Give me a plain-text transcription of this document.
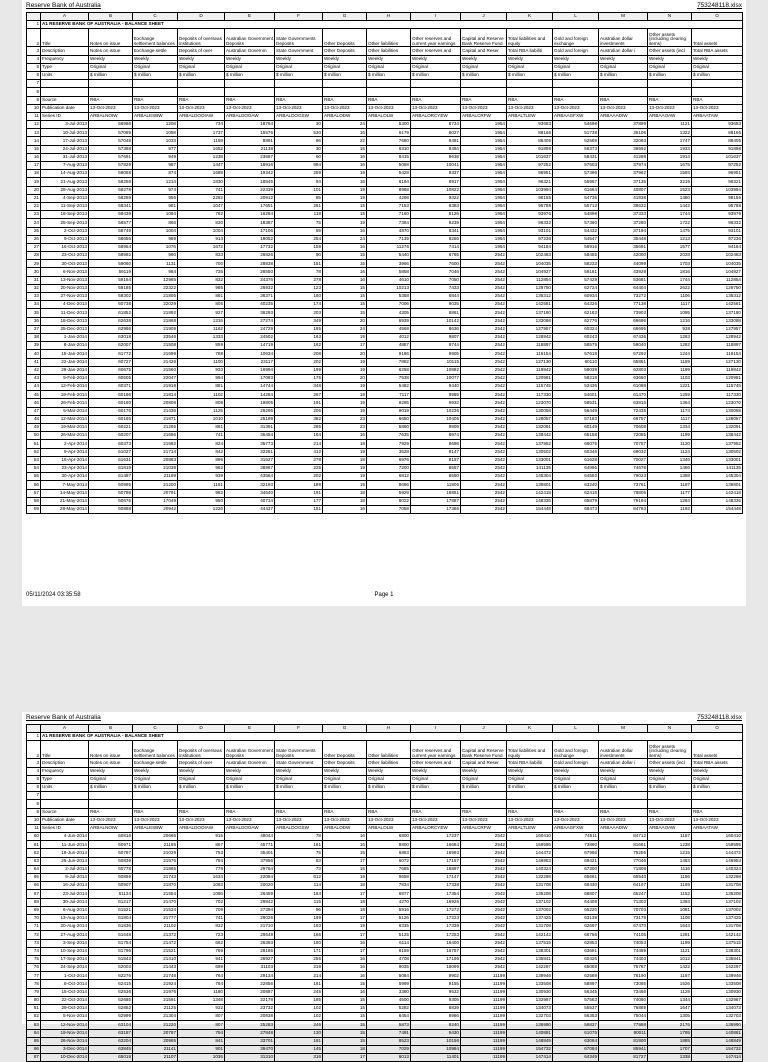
Reserve Bank of Australia	753248118.xlsx
	A	B	C	D	E	F	G	H	I	J	K	L	M	N	O
1	A1 RESERVE BANK OF AUSTRALIA - BALANCE SHEET														
2	Title	Notes on issue	Exchange settlement balances	Deposits of overseas institutions	Australian Government Deposits	State Governments Deposits	Other Deposits	Other liabilities	Other reserves and current year earnings	Capital and Reserve Bank Reserve Fund	Total liabilities and equity	Gold and foreign exchange	Australian dollar investments	Other assets (including clearing items)	Total assets
3	Description	Notes on issue	Exchange settle	Deposits of over	Australian Governm	State Government	Other Deposits	Other liabilities	Other reserves and	Capital and Reser	Total RBA liabiliti	Gold and foreign	Australian dollar i	Other assets (incl	Total RBA assets
4	Frequency	Weekly	Weekly	Weekly	Weekly	Weekly	Weekly	Weekly	Weekly	Weekly	Weekly	Weekly	Weekly	Weekly	Weekly
5	Type	Original	Original	Original	Original	Original	Original	Original	Original	Original	Original	Original	Original	Original	Original
6	Units	$ million	$ million	$ million	$ million	$ million	$ million	$ million	$ million	$ million	$ million	$ million	$ million	$ million	$ million
7															
8															
9	Source	RBA	RBA	RBA	RBA	RBA	RBA	RBA	RBA	RBA	RBA	RBA	RBA	RBA	RBA
10	Publication date	13-Oct-2023	13-Oct-2023	13-Oct-2023	13-Oct-2023	13-Oct-2023	13-Oct-2023	13-Oct-2023	13-Oct-2023	13-Oct-2023	13-Oct-2023	13-Oct-2023	13-Oct-2023	13-Oct-2023	13-Oct-2023
11	Series ID	ARBALNOIW	ARBALESBW	ARBALDOOIAW	ARBALDOGAW	ARBALDOGSW	ARBALODW	ARBALOLW	ARBALORCYEW	ARBALCRFW	ARBALTLEW	ARBAAGFXW	ARBAAADIW	ARBAAOAW	ARBAATAW
12	3-Jul-2013	56986	1208	734	18764	30	24	5300	8734	1954	93683	54698	37899	1121	93683
13	10-Jul-2013	57089	1058	1737	15576	530	16	6179	8027	1954	88166	51738	35106	1322	88166
14	17-Jul-2013	57048	1033	1159	8891	86	22	7680	8481	1954	86405	52569	32093	1747	86405
15	24-Jul-2013	57388	977	1652	21138	30	15	6310	8494	1954	91898	56373	39592	1933	91898
16	31-Jul-2013	57691	949	1238	23667	60	16	8415	9638	1954	101637	58431	41288	1914	101637
17	7-Aug-2013	57829	987	1447	18916	994	16	5068	10041	1954	97252	57603	37974	1675	97252
18	14-Aug-2013	58058	874	1689	19342	259	19	5428	9337	1954	96951	57396	37962	1593	96951
19	21-Aug-2013	58259	1214	1830	18845	94	16	6194	8917	1954	96321	55967	37135	3219	96321
20	28-Aug-2013	58278	974	741	22339	101	19	8968	10822	1954	103994	61664	40807	1523	103994
21	4-Sep-2013	58259	956	2282	20912	85	19	4298	9322	1954	98155	54736	41938	1480	98155
22	11-Sep-2013	58341	981	1047	17651	261	15	7153	8383	1954	95788	55712	38632	1442	95788
23	18-Sep-2013	58439	1084	782	16284	118	15	7160	8126	1954	93976	54898	37333	1744	93976
24	25-Sep-2013	58577	866	830	18387	75	19	7384	8239	1954	96332	57360	37280	1722	96332
25	2-Oct-2013	58749	1004	1004	17106	59	16	4870	8341	1954	93101	54432	37194	1475	93101
26	9-Oct-2013	58656	989	913	18052	254	24	7139	8256	1954	97236	54547	35448	1213	97236
27	16-Oct-2013	58954	1076	1672	17732	159	16	11276	7414	1954	94184	56916	35691	1577	94184
28	23-Oct-2013	58992	990	833	26826	90	15	5440	6765	2542	102483	58455	42000	2028	102483
29	30-Oct-2013	59060	1131	700	28838	151	15	3966	7600	2542	104035	58233	44099	1703	104035
30	6-Nov-2013	59119	984	735	28550	78	16	5858	7046	2542	104927	59181	43929	1816	104927
31	13-Nov-2013	59164	12985	832	24376	278	16	4610	7050	2542	112854	57429	53681	1744	112854
32	20-Nov-2013	59185	22322	985	26932	123	15	10213	7433	2542	129750	62724	64404	2622	129750
33	27-Nov-2013	59302	21805	881	36371	180	15	5358	6844	2542	135312	60934	73272	1106	135312
34	4-Dec-2013	60738	22029	805	40235	174	15	7006	9035	2542	142581	64326	77138	1117	142581
35	11-Dec-2013	61852	21892	927	36293	203	15	4305	8861	2542	137180	62183	73903	1095	137180
36	18-Dec-2013	62638	21868	1316	27274	349	20	6939	10142	2542	133088	62776	69696	1216	133088
37	25-Dec-2013	62986	21909	1162	24729	185	24	4568	8636	2542	127957	60324	66695	938	127957
38	1-Jan-2014	63018	23546	1333	24502	163	19	4012	9807	2542	128942	60243	67436	1263	128942
39	8-Jan-2014	62007	21508	859	14719	162	17	4887	9744	2542	118897	58575	59040	1282	118897
40	15-Jan-2014	61772	21699	788	10634	208	20	9186	9905	2542	116154	57618	57292	1244	116154
41	22-Jan-2014	60727	21426	1100	23117	202	19	7882	10115	2542	127130	60110	65861	1159	127130
42	29-Jan-2014	60675	21560	933	16994	199	19	6258	10882	2542	119842	58039	62803	1199	119842
43	5-Feb-2014	60505	22047	994	17083	175	20	7538	10077	2542	120981	58218	63660	1103	120981
44	12-Feb-2014	60371	21918	881	14744	348	19	5482	9440	2542	115745	53436	61088	1221	115745
45	19-Feb-2014	60196	21814	1102	14284	267	19	7117	9989	2542	117330	54601	61470	1259	117330
46	26-Feb-2014	60180	20808	808	19805	191	19	9295	9932	2542	123070	58531	63815	1364	123070
47	5-Mar-2014	60176	21436	1125	29295	205	19	9019	10236	2542	130058	56449	72435	1174	130058
48	12-Mar-2014	60165	21871	1010	25199	382	23	6650	10405	2542	128057	57183	69757	1117	128057
49	19-Mar-2014	60221	21265	881	31391	285	23	5860	9809	2542	132091	60149	70608	1334	132091
50	26-Mar-2014	60207	21686	741	36454	184	16	7635	8974	2542	138442	65158	72085	1199	138442
51	2-Apr-2014	60373	21582	824	35773	214	18	7929	8698	2542	137952	66075	70757	1120	137952
52	9-Apr-2014	61027	21714	842	32281	412	19	3528	8147	2542	130502	60346	69032	1124	130502
53	16-Apr-2014	61631	20883	895	31527	278	18	6976	8157	2542	133001	61628	70027	1346	133001
54	23-Apr-2014	61819	21039	962	38967	225	19	7200	8557	2542	141135	64995	74678	1466	141135
55	30-Apr-2014	61487	21189	939	43564	202	19	6812	8550	2542	145304	64593	79023	1388	145304
56	7-May-2014	60995	21200	1161	32193	189	19	8696	11806	2542	138801	63240	73761	1187	138801
57	14-May-2014	60798	20791	982	34640	191	18	5929	16851	2542	142418	62416	78805	1177	142418
58	21-May-2014	60676	17049	950	40714	177	18	8022	17887	2542	148335	65879	79194	1284	148335
59	28-May-2014	60888	20942	1226	44437	151	16	7058	17386	2542	154448	68473	84783	1192	154448
05/11/2024 03:35:58	Page 1
Reserve Bank of Australia	753248118.xlsx
	A	B	C	D	E	F	G	H	I	J	K	L	M	N	O
1	A1 RESERVE BANK OF AUSTRALIA - BALANCE SHEET														
2	Title	Notes on issue	Exchange settlement balances	Deposits of overseas institutions	Australian Government Deposits	State Governments Deposits	Other Deposits	Other liabilities	Other reserves and current year earnings	Capital and Reserve Bank Reserve Fund	Total liabilities and equity	Gold and foreign exchange	Australian dollar investments	Other assets (including clearing items)	Total assets
3	Description	Notes on issue	Exchange settle	Deposits of over	Australian Governm	State Government	Other Deposits	Other liabilities	Other reserves and	Capital and Reser	Total RBA liabiliti	Gold and foreign	Australian dollar i	Other assets (incl	Total RBA assets
4	Frequency	Weekly	Weekly	Weekly	Weekly	Weekly	Weekly	Weekly	Weekly	Weekly	Weekly	Weekly	Weekly	Weekly	Weekly
5	Type	Original	Original	Original	Original	Original	Original	Original	Original	Original	Original	Original	Original	Original	Original
6	Units	$ million	$ million	$ million	$ million	$ million	$ million	$ million	$ million	$ million	$ million	$ million	$ million	$ million	$ million
7															
8															
9	Source	RBA	RBA	RBA	RBA	RBA	RBA	RBA	RBA	RBA	RBA	RBA	RBA	RBA	RBA
10	Publication date	13-Oct-2023	13-Oct-2023	13-Oct-2023	13-Oct-2023	13-Oct-2023	13-Oct-2023	13-Oct-2023	13-Oct-2023	13-Oct-2023	13-Oct-2023	13-Oct-2023	13-Oct-2023	13-Oct-2023	13-Oct-2023
11	Series ID	ARBALNOIW	ARBALESBW	ARBALDOOIAW	ARBALDOGAW	ARBALDOGSW	ARBALODW	ARBALOLW	ARBALORCYEW	ARBALCRFW	ARBALTLEW	ARBAAGFXW	ARBAAADIW	ARBAAOAW	ARBAATAW
60	4-Jun-2014	60818	20665	915	48044	78	16	6800	17237	2542	160410	74511	84712	1187	160410
61	11-Jun-2014	60971	21165	867	45771	181	16	8800	16684	2542	159595	73890	81661	1238	159595
62	18-Jun-2014	60797	21029	753	35401	75	15	6863	16993	2542	144472	67966	75256	1215	144472
63	25-Jun-2014	60839	21576	794	37956	83	17	6072	17157	2542	146953	69421	77046	1463	146953
64	2-Jul-2014	60778	21865	778	29764	73	15	7685	16897	2542	140324	67300	71808	1116	140324
65	9-Jul-2014	60859	21743	1634	22084	612	19	9658	17147	2542	132298	65681	65540	1156	132298
66	16-Jul-2014	60907	21870	1063	20020	114	18	7834	17338	2542	131708	66430	64107	1169	131708
67	23-Jul-2014	61134	21554	1086	26459	184	17	6877	17354	2542	135208	68807	65247	1152	135208
68	30-Jul-2014	61217	21470	702	29842	115	18	4270	16926	2542	137102	64408	71303	1393	137102
69	6-Aug-2014	61521	21534	709	27394	96	18	5916	17272	2542	137002	65220	70703	1081	137002
70	13-Aug-2014	61804	21777	741	29026	169	17	5126	17223	2542	137425	63139	73178	1108	137425
71	20-Aug-2014	61836	21102	832	21710	193	19	6335	17339	2542	131708	62697	67470	1543	131708
72	27-Aug-2014	61648	21372	723	29649	165	17	5125	17253	2542	142142	66756	74105	1281	142142
73	3-Sep-2014	61754	21472	662	26393	180	16	6114	16400	2542	137515	62853	74053	1199	137515
74	10-Sep-2014	61796	21521	769	28185	171	17	6159	16757	2542	138301	63691	74489	1121	138301
75	17-Sep-2014	61843	21410	941	26927	256	16	4708	17196	2542	135841	60426	74403	1012	135841
76	24-Sep-2014	62003	21443	699	31103	219	16	9035	18099	2542	142297	65088	75787	1422	142297
77	1-Oct-2014	62276	21748	764	29134	214	16	5084	9902	11199	139946	62589	76190	1167	139946
78	8-Oct-2014	62415	21924	784	22856	161	15	5999	9155	11199	133508	58897	73085	1526	133508
79	15-Oct-2014	62536	21976	1180	20887	245	16	3360	9532	11199	130930	56345	73456	1129	130930
80	22-Oct-2014	62685	21591	1348	22178	185	15	4500	9305	11199	132987	57563	74080	1344	132987
81	29-Oct-2014	62852	21125	932	23732	102	15	5282	8839	11199	134073	55537	76889	1647	134073
82	5-Nov-2014	62999	21304	807	20838	102	15	6454	8986	11199	132703	56353	75044	1305	132703
83	12-Nov-2014	63104	21220	807	25283	246	15	5873	9240	11199	136990	56837	77988	2176	136990
84	19-Nov-2014	63187	20787	794	27848	130	15	7491	9430	11199	140881	61075	80011	1795	140881
85	26-Nov-2014	63204	20965	841	33701	181	15	8523	10156	11199	148849	63064	81900	1885	148849
86	3-Dec-2014	63845	21141	901	39470	145	18	7029	10984	11199	154732	67084	85941	1707	154732
87	10-Dec-2014	65019	21107	1036	31310	316	17	6013	11401	11199	147414	64349	81727	1338	147414
